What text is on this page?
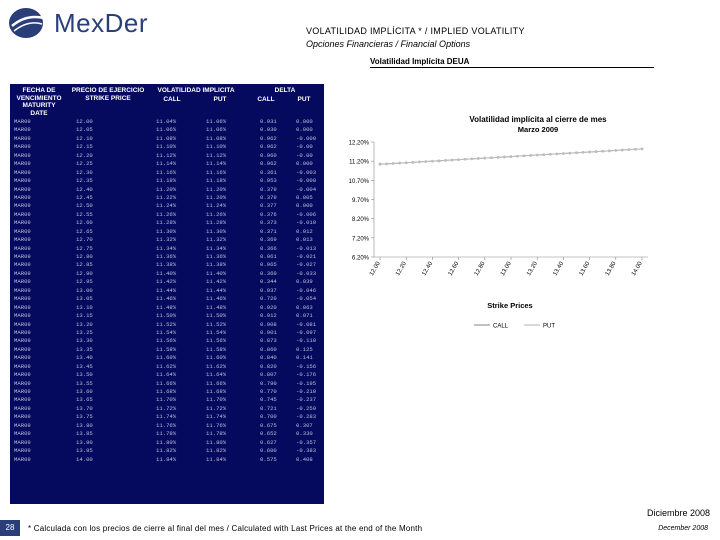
MexDer	VOLATILIDAD IMPLÍCITA * / IMPLIED VOLATILITY
Opciones Financieras / Financial Options
Volatilidad Implícita DEUA
FECHA DE VENCIMIENTO MATURITY DATE
PRECIO DE EJERCICIO STRIKE PRICE
VOLATILIDAD IMPLICITA
CALL	PUT
DELTA
CALL	PUT
MAR09	12.00	11.04%	11.06%	0.931	0.000
MAR09	12.05	11.06%	11.06%	0.930	0.000
MAR09	12.10	11.08%	11.08%	0.962	-0.000
MAR09	12.15	11.10%	11.10%	0.962	-0.00
MAR09	12.20	11.12%	11.12%	0.960	-0.00
MAR09	12.25	11.14%	11.14%	0.962	0.000
MAR09	12.30	11.16%	11.16%	0.361	-0.003
MAR09	12.35	11.18%	11.18%	0.953	-0.000
MAR09	12.40	11.20%	11.20%	0.379	-0.004
MAR09	12.45	11.22%	11.20%	0.379	0.005
MAR09	12.50	11.24%	11.24%	0.377	0.000
MAR09	12.55	11.26%	11.26%	0.376	-0.006
MAR09	12.60	11.28%	11.28%	0.373	-0.010
MAR09	12.65	11.30%	11.30%	0.371	0.012
MAR09	12.70	11.32%	11.32%	0.369	0.013
MAR09	12.75	11.34%	11.34%	0.366	-0.013
MAR09	12.80	11.36%	11.36%	0.961	-0.021
MAR09	12.85	11.38%	11.38%	0.965	-0.027
MAR09	12.90	11.40%	11.40%	0.360	-0.033
MAR09	12.95	11.42%	11.42%	0.344	0.039
MAR09	13.00	11.44%	11.44%	0.937	-0.046
MAR09	13.05	11.46%	11.46%	0.720	-0.054
MAR09	13.10	11.48%	11.48%	0.920	0.063
MAR09	13.15	11.50%	11.50%	0.912	0.071
MAR09	13.20	11.52%	11.52%	0.908	-0.081
MAR09	13.25	11.54%	11.54%	0.901	-0.097
MAR09	13.30	11.56%	11.56%	0.873	-0.110
MAR09	13.35	11.58%	11.58%	0.860	0.125
MAR09	13.40	11.60%	11.60%	0.840	0.141
MAR09	13.45	11.62%	11.62%	0.820	-0.156
MAR09	13.50	11.64%	11.64%	0.807	-0.176
MAR09	13.55	11.66%	11.66%	0.790	-0.195
MAR09	13.60	11.68%	11.68%	0.770	-0.210
MAR09	13.65	11.70%	11.70%	0.745	-0.237
MAR09	13.70	11.72%	11.72%	0.721	-0.259
MAR09	13.75	11.74%	11.74%	0.700	-0.283
MAR09	13.80	11.76%	11.76%	0.675	0.307
MAR09	13.85	11.78%	11.78%	0.652	0.330
MAR09	13.90	11.80%	11.80%	0.627	-0.357
MAR09	13.95	11.82%	11.82%	0.600	-0.383
MAR09	14.00	11.84%	11.84%	0.575	0.408
Volatilidad implícita al cierre de mes
Marzo 2009
12.20%
11.20%
10.70%
9.70%
8.20%
7.20%
6.20%
12.00 12.20 12.40 12.60 12.80 13.00 13.20 13.40 13.60 13.80 14.00
Strike Prices
CALL	PUT
Diciembre 2008
28	* Calculada con los precios de cierre al final del mes / Calculated with Last Prices at the end of the Month	December 2008
